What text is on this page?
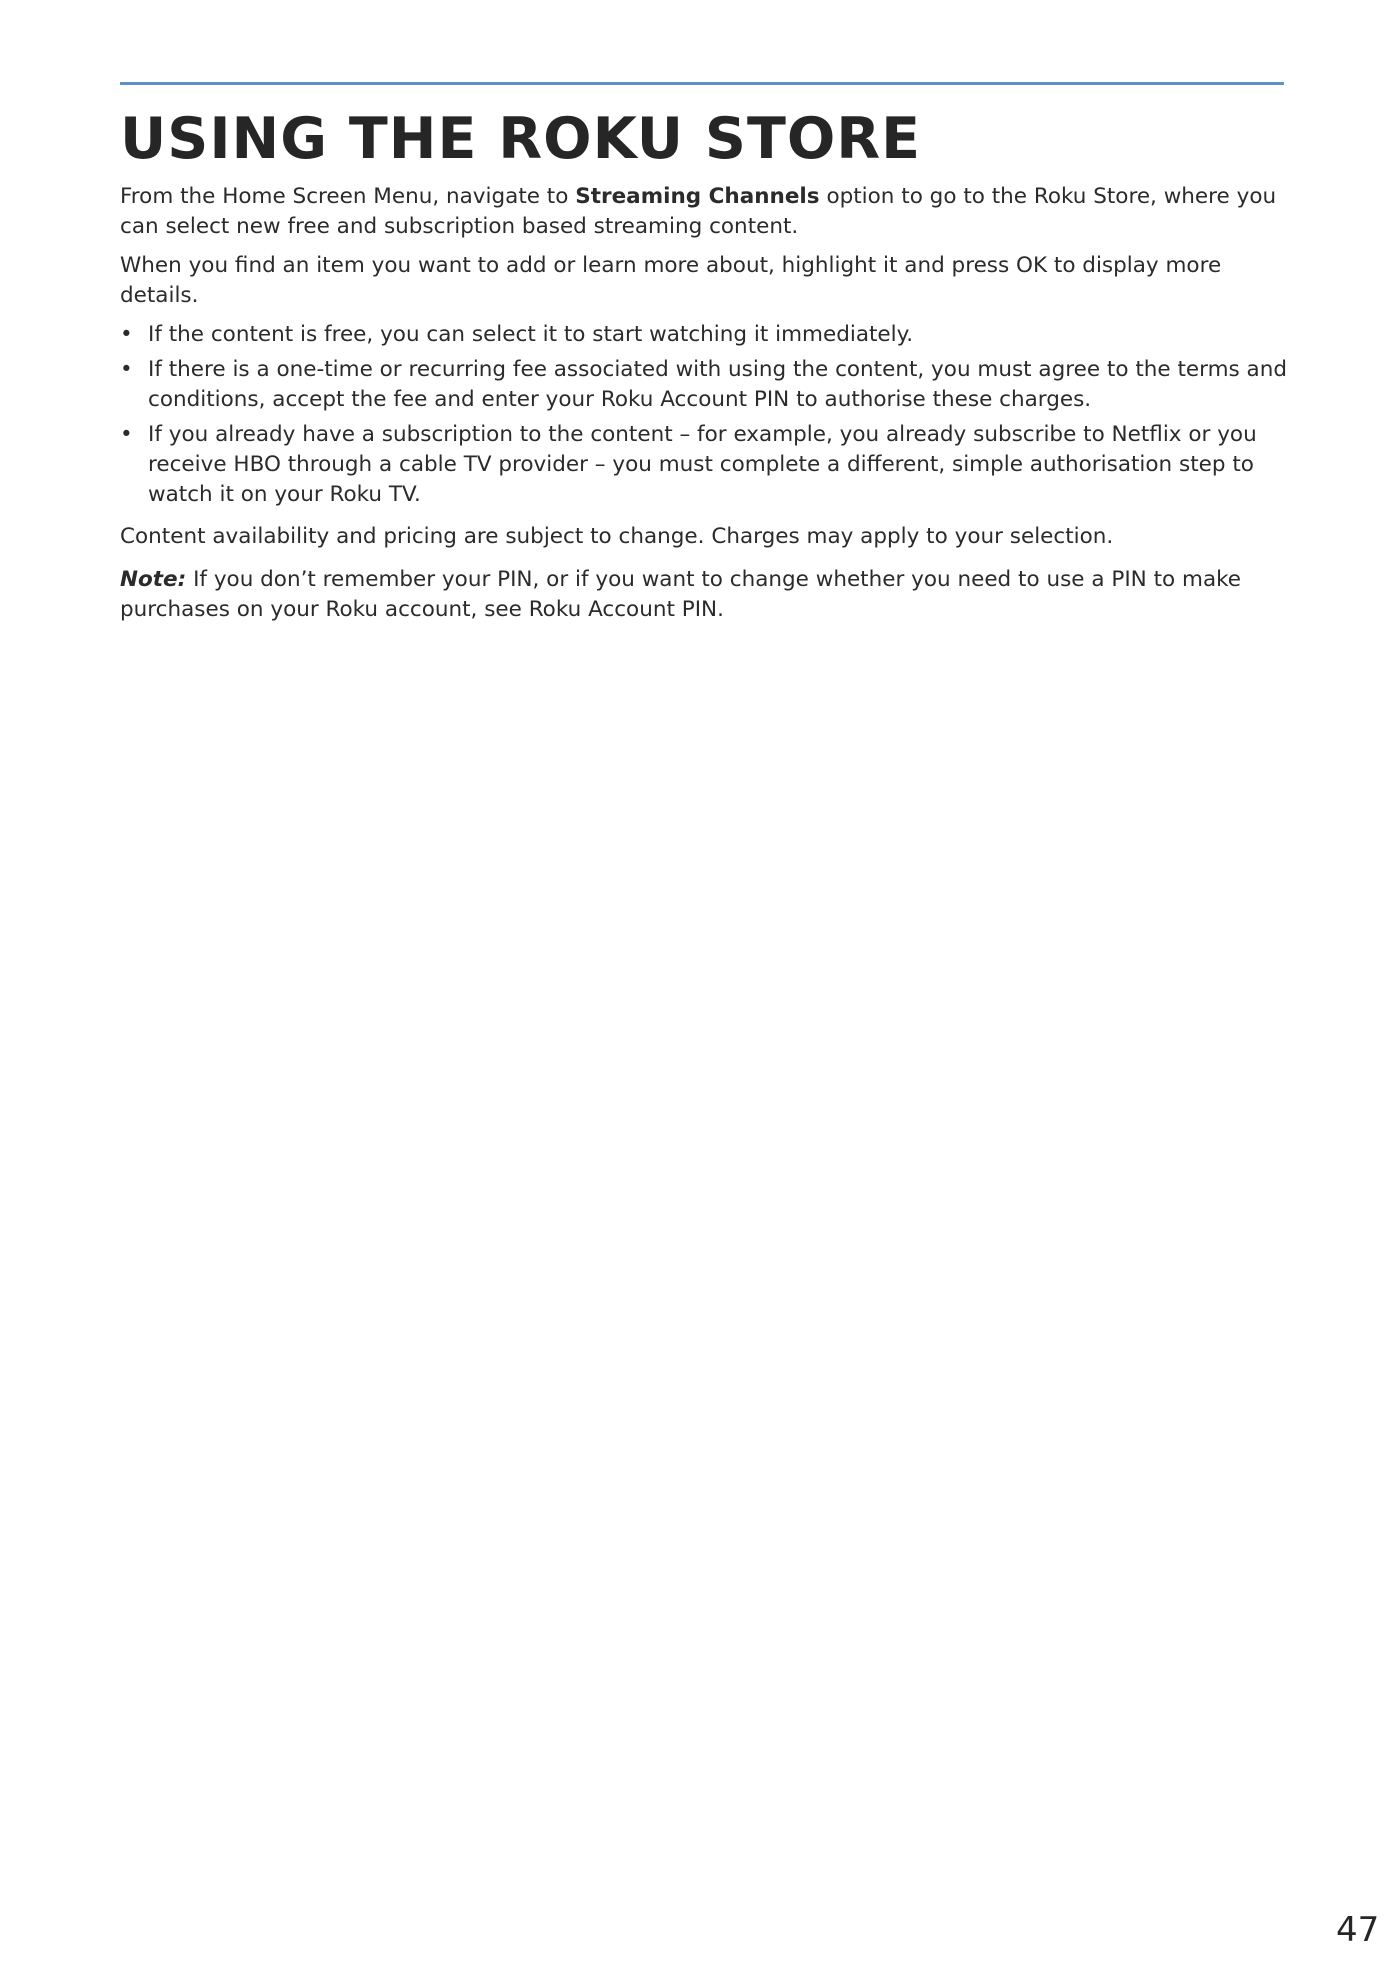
USING THE ROKU STORE

From the Home Screen Menu, navigate to Streaming Channels option to go to the Roku Store, where you can select new free and subscription based streaming content.

When you find an item you want to add or learn more about, highlight it and press OK to display more details.

• If the content is free, you can select it to start watching it immediately.
• If there is a one-time or recurring fee associated with using the content, you must agree to the terms and conditions, accept the fee and enter your Roku Account PIN to authorise these charges.
• If you already have a subscription to the content – for example, you already subscribe to Netflix or you receive HBO through a cable TV provider – you must complete a different, simple authorisation step to watch it on your Roku TV.

Content availability and pricing are subject to change. Charges may apply to your selection.

Note: If you don’t remember your PIN, or if you want to change whether you need to use a PIN to make purchases on your Roku account, see Roku Account PIN.

47
